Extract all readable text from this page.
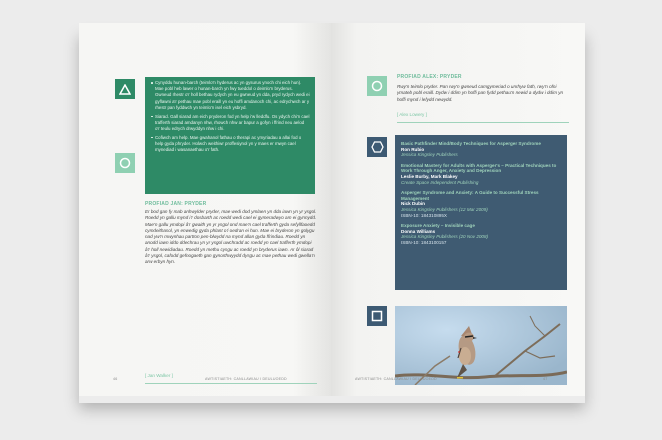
Cynyddu hunan-barch (teimlo'n hyderus ac yn gysurus ynoch chi eich hun). Mae pobl heb lawer o hunan-barch yn fwy tueddol o deimlo'n bryderus. Gwneud rhestr o'r holl bethau rydych yn eu gwneud yn dda, pryd rydych wedi ei gyflawni a'r pethau mae pobl eraill yn eu hoffi amdanoch chi, ac edrychwch ar y rhestr pan fyddwch yn teimlo'n isel eich ysbryd.

Siarad. Gall siarad am eich pryderon fod yn help i'w lleddfu. Os ydych chi'n cael trafferth siarad amdanyn nhw, rhowch nhw ar bapur a gofyn i ffrind neu aelod o'r teulu edrych drwyddyn nhw i chi.

Cofiwch am help. Mae gwahanol fathau o therapi ac ymyriadau a allai fod o help gyda phryder. Holwch weithiwr proffesiynol yn y maes er mwyn cael mynediad i wasanaethau o'r fath.

PROFIAD JAN: PRYDER
Er bod gan fy mab anhwylder pryder, mae wedi dod ymlaen yn dda iawn yn yr ysgol. Roedd yn gallu mynd i'r dosbarth ac roedd wedi cael ei gymeradwyo am ei gynnydd. Mae'n gallu ymdopi â'r gwaith yn yr ysgol ond mae'n cael trafferth gyda sefyllfaoedd cymdeithasol, yn enwedig gyda phlant o'i oedran ei hun. Mae ei bryderon yn golygu nad yw'n mwynhau partïon pen-blwydd na mynd allan gyda ffrindiau. Roedd yn anodd iawn iddo ddechrau yn yr ysgol uwchradd ac roedd yn cael trafferth ymdopi â'r holl newidiadau. Roedd yn methu cysgu ac roedd yn bryderus iawn. Ar ôl siarad â'r ysgol, cafodd gefnogaeth gan gynorthwyydd dysgu ac mae pethau wedi gwella'n arw erbyn hyn.
[ Jan Walker ]
46	AWTISTIAETH: CANLLAWIAU I DEULUOEDD
PROFIAD ALEX: PRYDER
Rwy'n teimlo pryder. Pan rwy'n gwneud camgymeriad o unrhyw fath, rwy'n ofni ymateb pobl eraill. Dydw i ddim yn hoffi pan fydd pethau'n newid a dydw i ddim yn hoffi mynd i lefydd newydd.
[ Alex Lowery ]
Basic Pathfinder Mind/Body Techniques for Asperger Syndrome
Ron Rubio
Jessica Kingsley Publishers
Emotional Mastery for Adults with Asperger's – Practical Techniques to Work Through Anger, Anxiety and Depression
Leslie Burby, Mark Blakey
Create Space Independent Publishing
Asperger Syndrome and Anxiety: A Guide to Successful Stress Management
Nick Dubin
Jessica Kingsley Publishers (12 Mar 2009)
ISBN-10: 184310895X
Exposure Anxiety – Invisible cage
Donna Williams
Jessica Kingsley Publishers (20 Nov 2008)
ISBN-10: 1843100157
AWTISTIAETH: CANLLAWIAU I DEULUOEDD	47
